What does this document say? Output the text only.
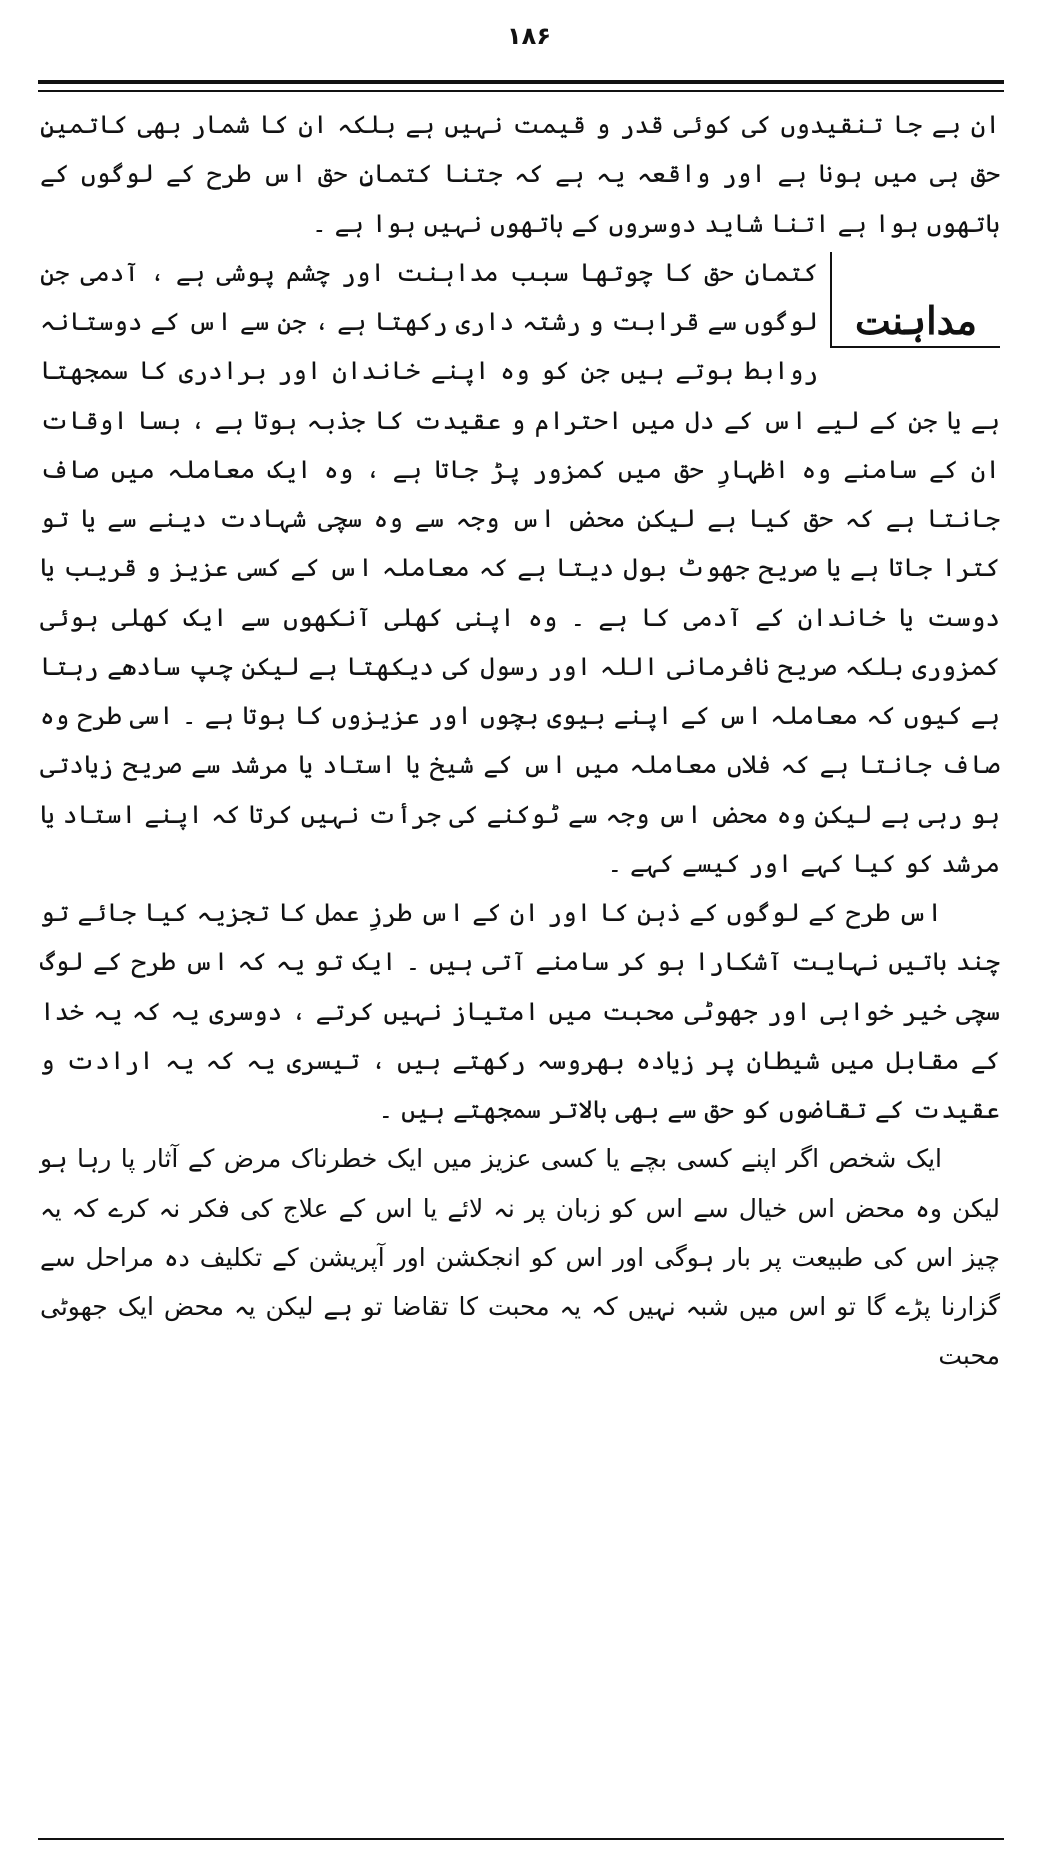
۱۸۶

ان بے جا تنقیدوں کی کوئی قدر و قیمت نہیں ہے بلکہ ان کا شمار بھی کاتمینِ حق ہی میں ہونا ہے اور واقعہ یہ ہے کہ جتنا کتمانِ حق اس طرح کے لوگوں کے ہاتھوں ہوا ہے اتنا شاید دوسروں کے ہاتھوں نہیں ہوا ہے ۔

مداہنت

کتمانِ حق کا چوتھا سبب مداہنت اور چشم پوشی ہے ، آدمی جن لوگوں سے قرابت و رشتہ داری رکھتا ہے ، جن سے اس کے دوستانہ روابط ہوتے ہیں جن کو وہ اپنے خاندان اور برادری کا سمجھتا ہے یا جن کے لیے اس کے دل میں احترام و عقیدت کا جذبہ ہوتا ہے ، بسا اوقات ان کے سامنے وہ اظہارِ حق میں کمزور پڑ جاتا ہے ، وہ ایک معاملہ میں صاف جانتا ہے کہ حق کیا ہے لیکن محض اس وجہ سے وہ سچی شہادت دینے سے یا تو کترا جاتا ہے یا صریح جھوٹ بول دیتا ہے کہ معاملہ اس کے کسی عزیز و قریب یا دوست یا خاندان کے آدمی کا ہے ۔ وہ اپنی کھلی آنکھوں سے ایک کھلی ہوئی کمزوری بلکہ صریح نافرمانی اللہ اور رسول کی دیکھتا ہے لیکن چپ سادھے رہتا ہے کیوں کہ معاملہ اس کے اپنے بیوی بچوں اور عزیزوں کا ہوتا ہے ۔ اسی طرح وہ صاف جانتا ہے کہ فلاں معاملہ میں اس کے شیخ یا استاد یا مرشد سے صریح زیادتی ہو رہی ہے لیکن وہ محض اس وجہ سے ٹوکنے کی جرأت نہیں کرتا کہ اپنے استاد یا مرشد کو کیا کہے اور کیسے کہے ۔

اس طرح کے لوگوں کے ذہن کا اور ان کے اس طرزِ عمل کا تجزیہ کیا جائے تو چند باتیں نہایت آشکارا ہو کر سامنے آتی ہیں ۔ ایک تو یہ کہ اس طرح کے لوگ سچی خیر خواہی اور جھوٹی محبت میں امتیاز نہیں کرتے ، دوسری یہ کہ یہ خدا کے مقابل میں شیطان پر زیادہ بھروسہ رکھتے ہیں ، تیسری یہ کہ یہ ارادت و عقیدت کے تقاضوں کو حق سے بھی بالاتر سمجھتے ہیں ۔

ایک شخص اگر اپنے کسی بچے یا کسی عزیز میں ایک خطرناک مرض کے آثار پا رہا ہو لیکن وہ محض اس خیال سے اس کو زبان پر نہ لائے یا اس کے علاج کی فکر نہ کرے کہ یہ چیز اس کی طبیعت پر بار ہوگی اور اس کو انجکشن اور آپریشن کے تکلیف دہ مراحل سے گزارنا پڑے گا تو اس میں شبہ نہیں کہ یہ محبت کا تقاضا تو ہے لیکن یہ محض ایک جھوٹی محبت
